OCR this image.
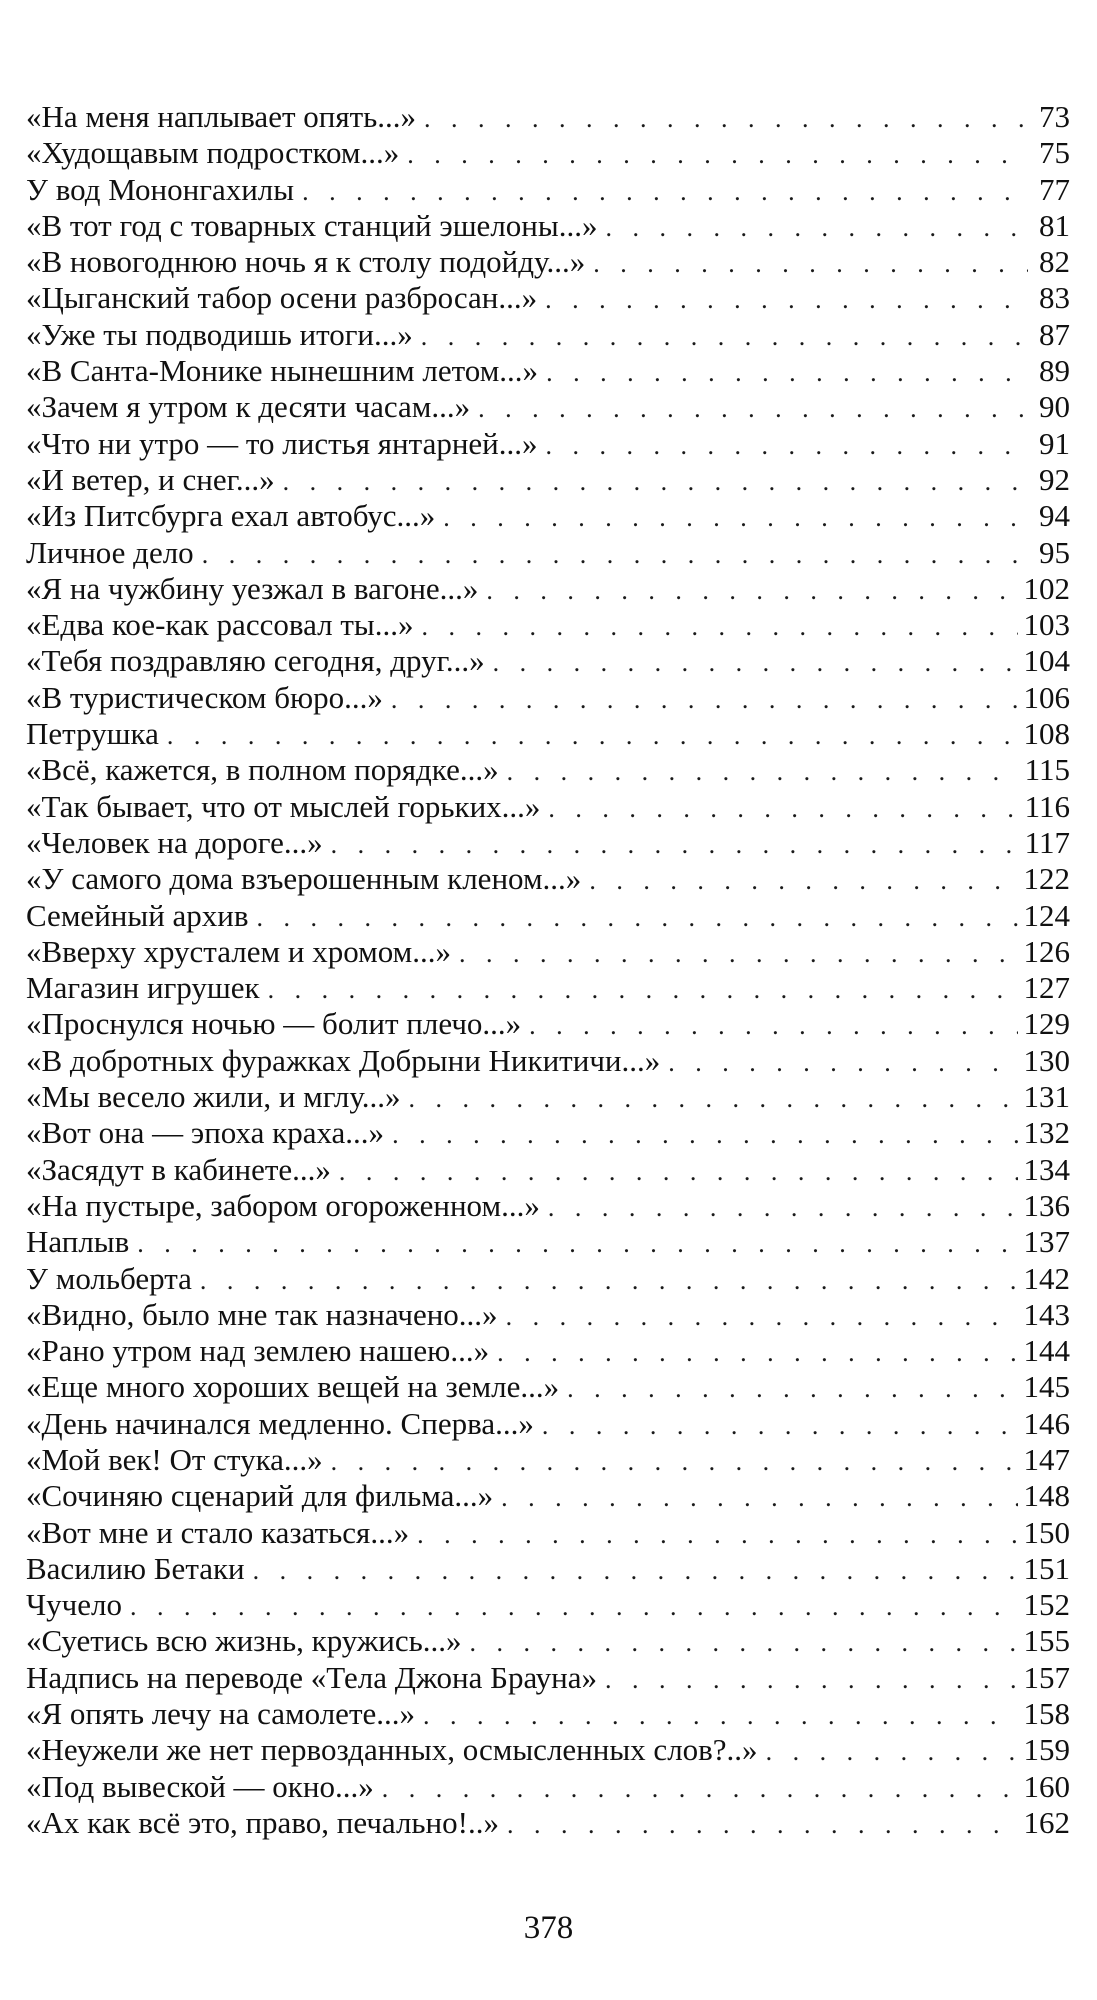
«На меня наплывает опять...» . . .	73
«Худощавым подростком...» . . .	75
У вод Мононгахилы . . .	77
«В тот год с товарных станций эшелоны...» . . .	81
«В новогоднюю ночь я к столу подойду...» . . .	82
«Цыганский табор осени разбросан...» . . .	83
«Уже ты подводишь итоги...» . . .	87
«В Санта-Монике нынешним летом...» . . .	89
«Зачем я утром к десяти часам...» . . .	90
«Что ни утро — то листья янтарней...» . . .	91
«И ветер, и снег...» . . .	92
«Из Питсбурга ехал автобус...» . . .	94
Личное дело . . .	95
«Я на чужбину уезжал в вагоне...» . . .	102
«Едва кое-как рассовал ты...» . . .	103
«Тебя поздравляю сегодня, друг...» . . .	104
«В туристическом бюро...» . . .	106
Петрушка . . .	108
«Всё, кажется, в полном порядке...» . . .	115
«Так бывает, что от мыслей горьких...» . . .	116
«Человек на дороге...» . . .	117
«У самого дома взъерошенным кленом...» . . .	122
Семейный архив . . .	124
«Вверху хрусталем и хромом...» . . .	126
Магазин игрушек . . .	127
«Проснулся ночью — болит плечо...» . . .	129
«В добротных фуражках Добрыни Никитичи...» . . .	130
«Мы весело жили, и мглу...» . . .	131
«Вот она — эпоха краха...» . . .	132
«Засядут в кабинете...» . . .	134
«На пустыре, забором огороженном...» . . .	136
Наплыв . . .	137
У мольберта . . .	142
«Видно, было мне так назначено...» . . .	143
«Рано утром над землею нашею...» . . .	144
«Еще много хороших вещей на земле...» . . .	145
«День начинался медленно. Сперва...» . . .	146
«Мой век! От стука...» . . .	147
«Сочиняю сценарий для фильма...» . . .	148
«Вот мне и стало казаться...» . . .	150
Василию Бетаки . . .	151
Чучело . . .	152
«Суетись всю жизнь, кружись...» . . .	155
Надпись на переводе «Тела Джона Брауна» . . .	157
«Я опять лечу на самолете...» . . .	158
«Неужели же нет первозданных, осмысленных слов?..» . . .	159
«Под вывеской — окно...» . . .	160
«Ах как всё это, право, печально!..» . . .	162
378
